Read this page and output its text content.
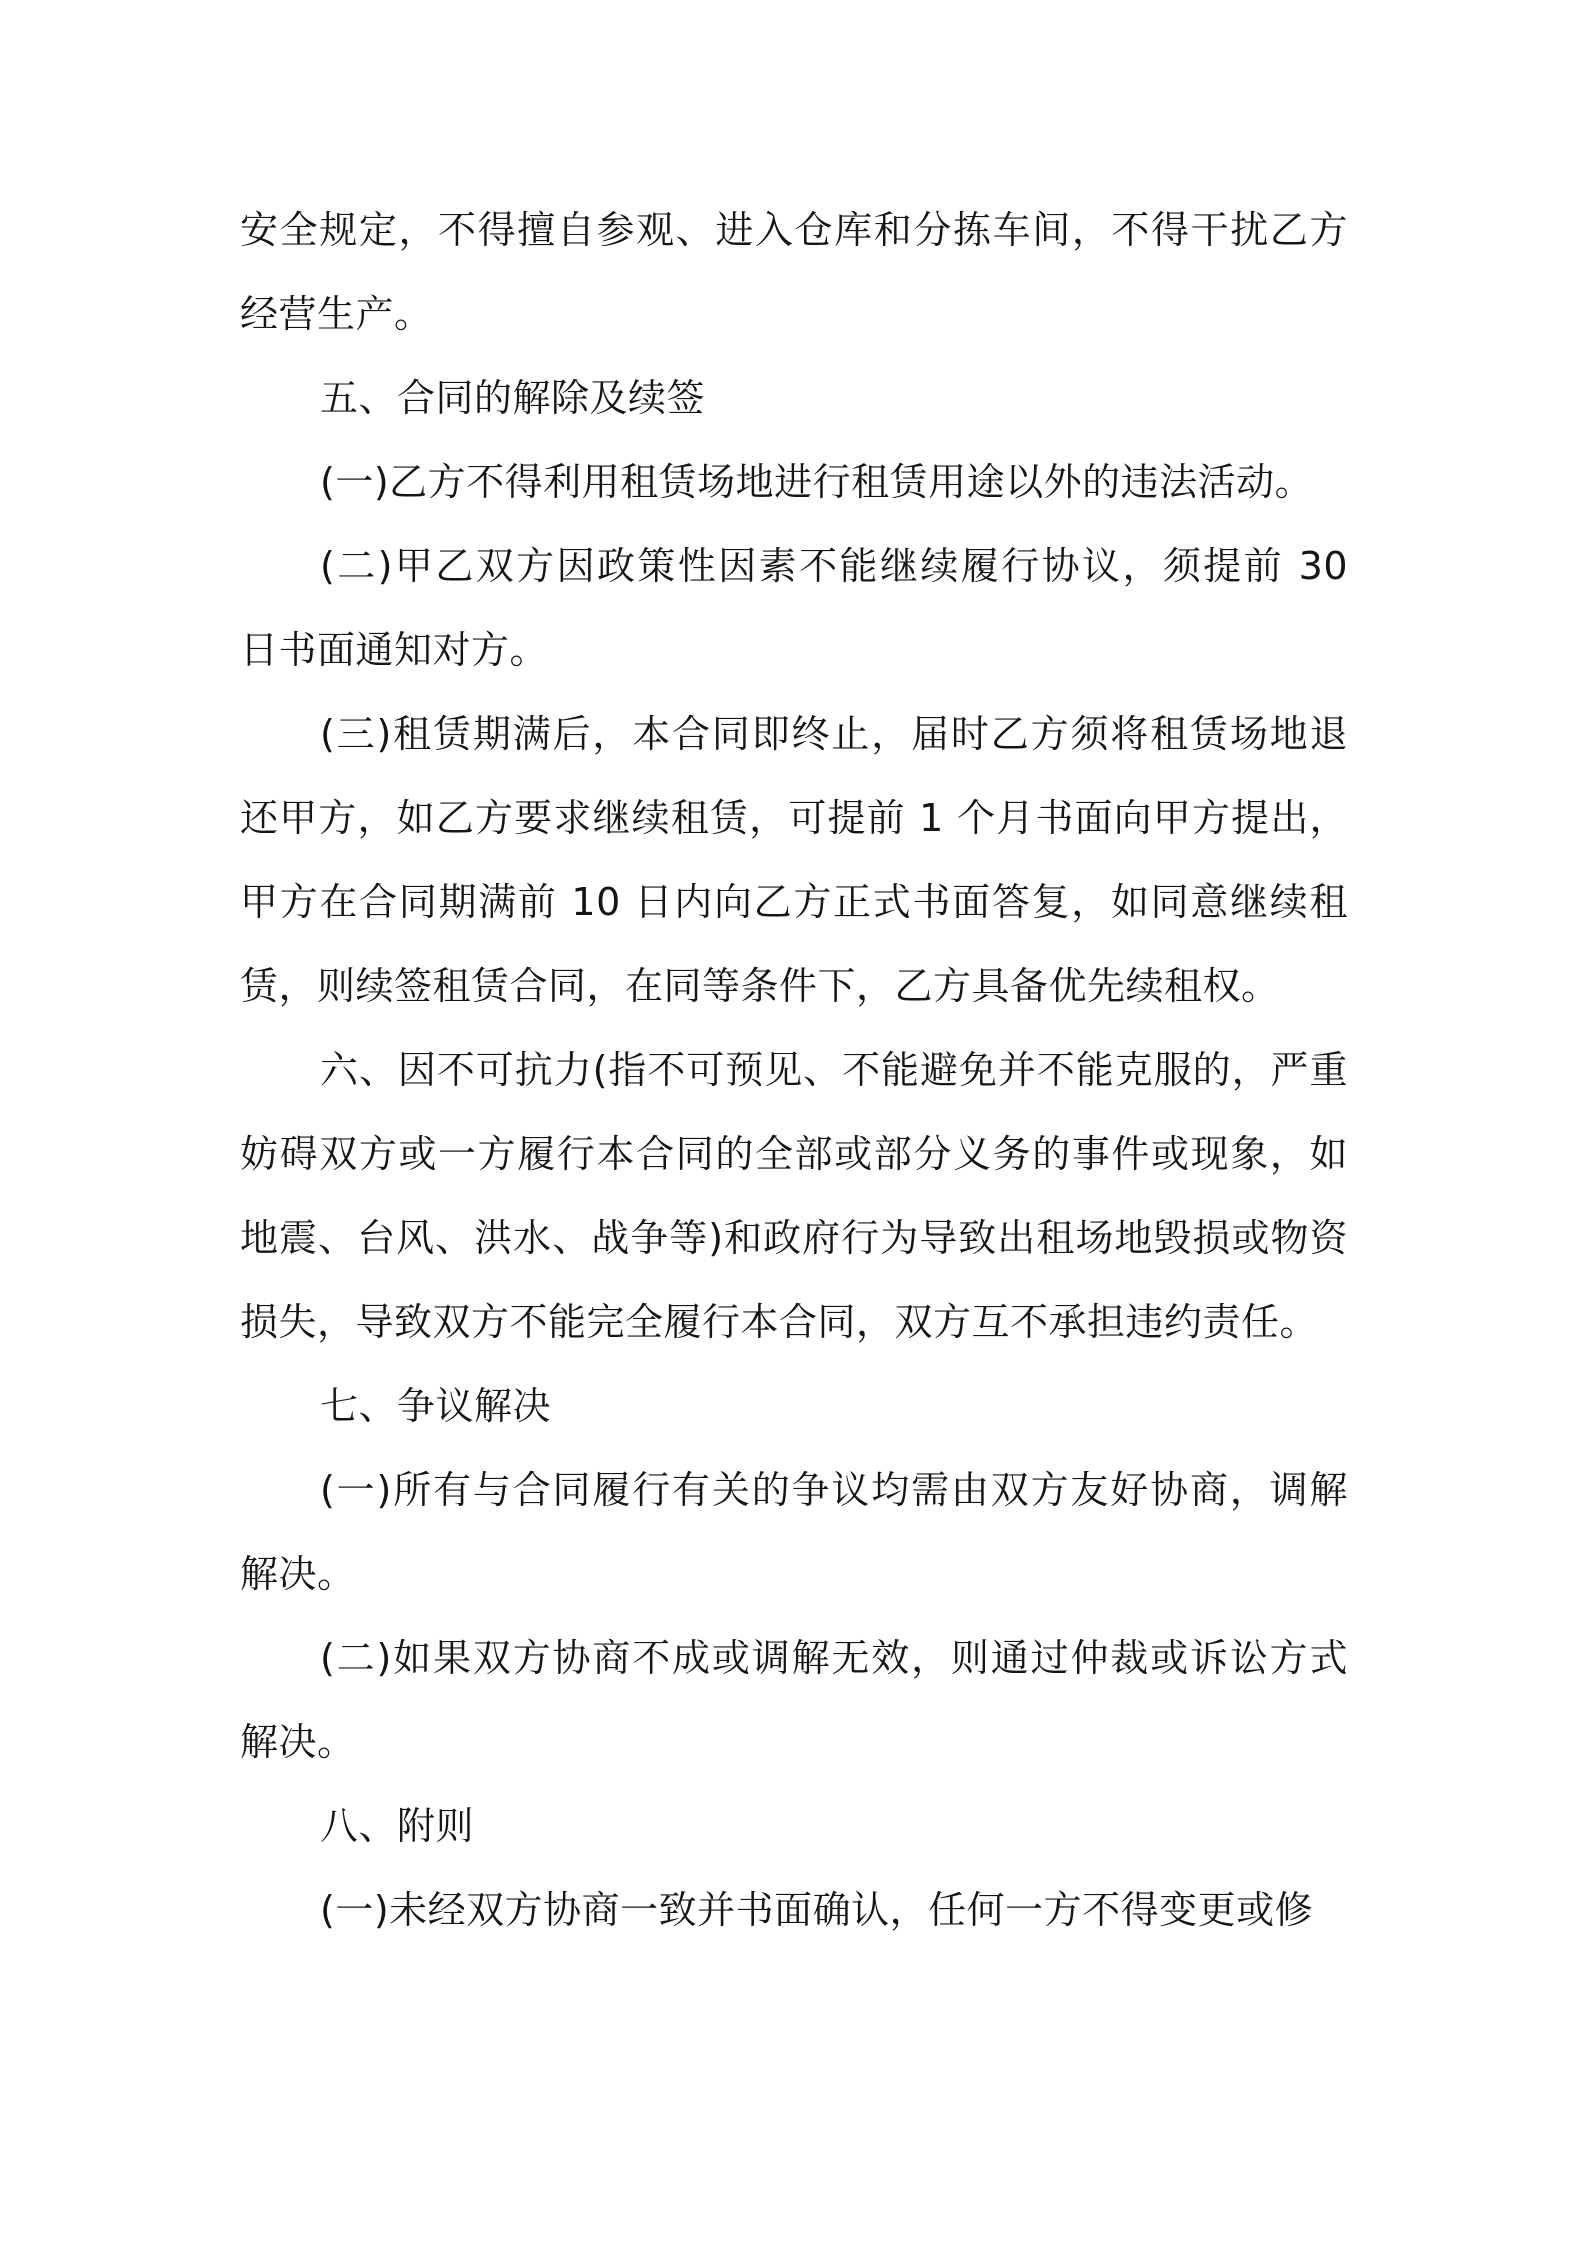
安全规定，不得擅自参观、进入仓库和分拣车间，不得干扰乙方经营生产。

五、合同的解除及续签

(一)乙方不得利用租赁场地进行租赁用途以外的违法活动。

(二)甲乙双方因政策性因素不能继续履行协议，须提前 30 日书面通知对方。

(三)租赁期满后，本合同即终止，届时乙方须将租赁场地退还甲方，如乙方要求继续租赁，可提前 1 个月书面向甲方提出，甲方在合同期满前 10 日内向乙方正式书面答复，如同意继续租赁，则续签租赁合同，在同等条件下，乙方具备优先续租权。

六、因不可抗力(指不可预见、不能避免并不能克服的，严重妨碍双方或一方履行本合同的全部或部分义务的事件或现象，如地震、台风、洪水、战争等)和政府行为导致出租场地毁损或物资损失，导致双方不能完全履行本合同，双方互不承担违约责任。

七、争议解决

(一)所有与合同履行有关的争议均需由双方友好协商，调解解决。

(二)如果双方协商不成或调解无效，则通过仲裁或诉讼方式解决。

八、附则

(一)未经双方协商一致并书面确认，任何一方不得变更或修
